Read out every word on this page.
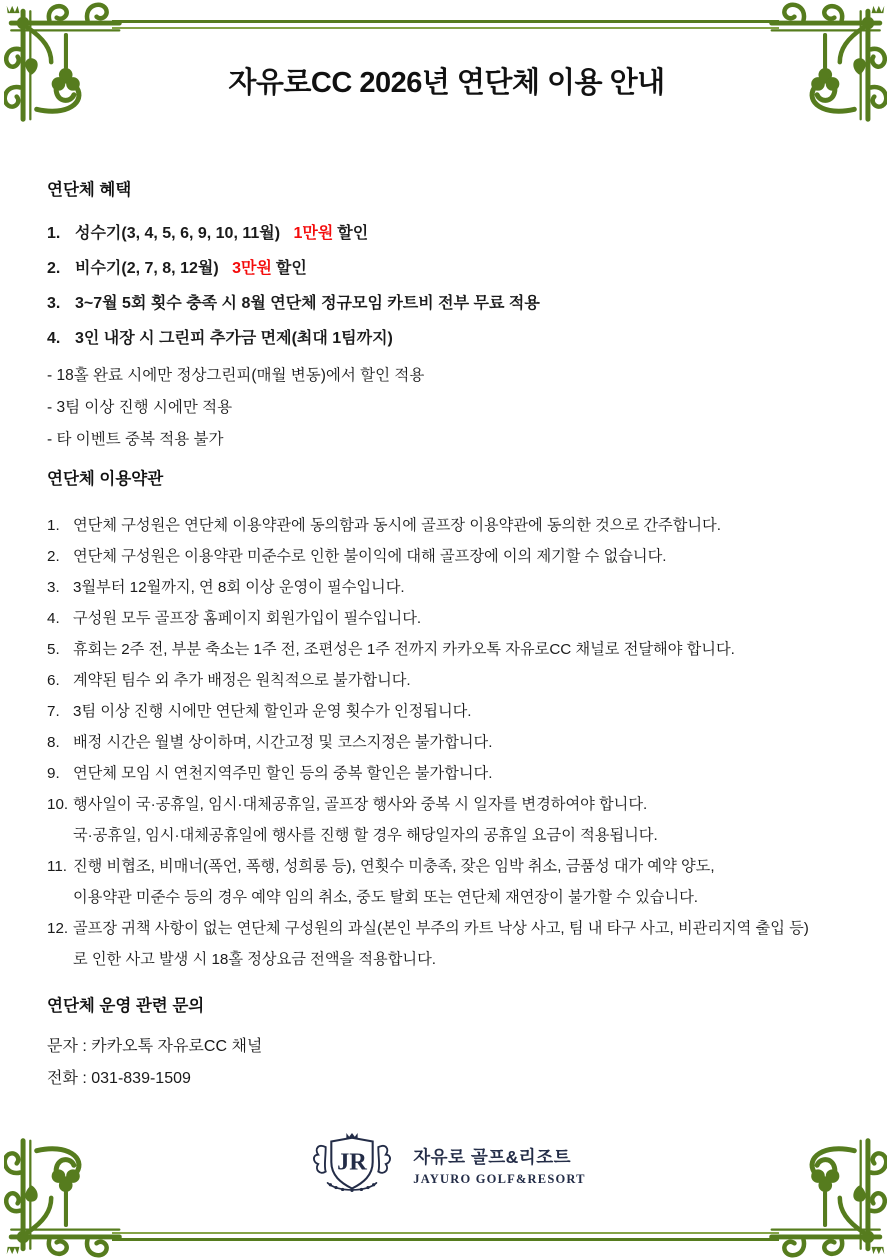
자유로CC 2026년 연단체 이용 안내
연단체 혜택
1. 성수기(3, 4, 5, 6, 9, 10, 11월) 1만원 할인
2. 비수기(2, 7, 8, 12월) 3만원 할인
3. 3~7월 5회 횟수 충족 시 8월 연단체 정규모임 카트비 전부 무료 적용
4. 3인 내장 시 그린피 추가금 면제(최대 1팀까지)
- 18홀 완료 시에만 정상그린피(매월 변동)에서 할인 적용
- 3팀 이상 진행 시에만 적용
- 타 이벤트 중복 적용 불가
연단체 이용약관
1. 연단체 구성원은 연단체 이용약관에 동의함과 동시에 골프장 이용약관에 동의한 것으로 간주합니다.
2. 연단체 구성원은 이용약관 미준수로 인한 불이익에 대해 골프장에 이의 제기할 수 없습니다.
3. 3월부터 12월까지, 연 8회 이상 운영이 필수입니다.
4. 구성원 모두 골프장 홈페이지 회원가입이 필수입니다.
5. 휴회는 2주 전, 부분 축소는 1주 전, 조편성은 1주 전까지 카카오톡 자유로CC 채널로 전달해야 합니다.
6. 계약된 팀수 외 추가 배정은 원칙적으로 불가합니다.
7. 3팀 이상 진행 시에만 연단체 할인과 운영 횟수가 인정됩니다.
8. 배정 시간은 월별 상이하며, 시간고정 및 코스지정은 불가합니다.
9. 연단체 모임 시 연천지역주민 할인 등의 중복 할인은 불가합니다.
10. 행사일이 국·공휴일, 임시·대체공휴일, 골프장 행사와 중복 시 일자를 변경하여야 합니다.
국·공휴일, 임시·대체공휴일에 행사를 진행 할 경우 해당일자의 공휴일 요금이 적용됩니다.
11. 진행 비협조, 비매너(폭언, 폭행, 성희롱 등), 연횟수 미충족, 잦은 임박 취소, 금품성 대가 예약 양도,
이용약관 미준수 등의 경우 예약 임의 취소, 중도 탈회 또는 연단체 재연장이 불가할 수 있습니다.
12. 골프장 귀책 사항이 없는 연단체 구성원의 과실(본인 부주의 카트 낙상 사고, 팀 내 타구 사고, 비관리지역 출입 등)
로 인한 사고 발생 시 18홀 정상요금 전액을 적용합니다.
연단체 운영 관련 문의
문자 : 카카오톡 자유로CC 채널
전화 : 031-839-1509
JR	자유로 골프&리조트
JAYURO GOLF&RESORT
